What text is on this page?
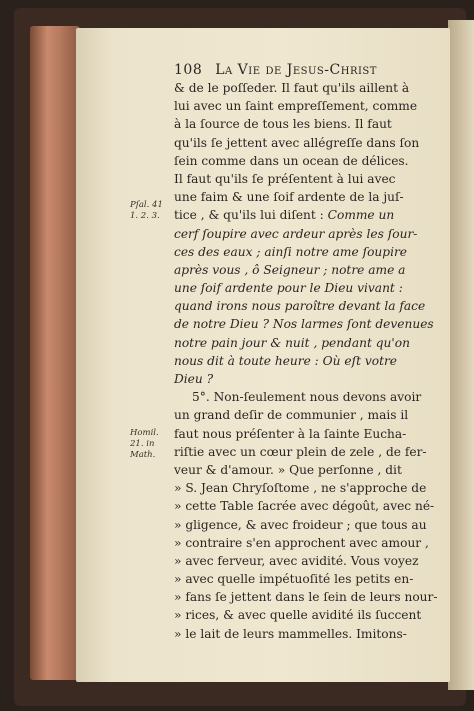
108 La Vie de Jesus-Christ
Pſal. 41
1. 2. 3.
Homil.
21. in
Math.
& de le poſſeder. Il faut qu'ils aillent à
lui avec un ſaint empreſſement, comme
à la ſource de tous les biens. Il faut
qu'ils ſe jettent avec allégreſſe dans ſon
ſein comme dans un ocean de délices.
Il faut qu'ils ſe préſentent à lui avec
une faim & une ſoif ardente de la juſ-
tice , & qu'ils lui diſent : Comme un
cerf ſoupire avec ardeur après les ſour-
ces des eaux ; ainſi notre ame ſoupire
après vous , ô Seigneur ; notre ame a
une ſoif ardente pour le Dieu vivant :
quand irons nous paroître devant la face
de notre Dieu ? Nos larmes ſont devenues
notre pain jour & nuit , pendant qu'on
nous dit à toute heure : Où eſt votre
Dieu ?
5°. Non-ſeulement nous devons avoir
un grand deſir de communier , mais il
faut nous préſenter à la ſainte Eucha-
riſtie avec un cœur plein de zele , de fer-
veur & d'amour. » Que perſonne , dit
» S. Jean Chryſoſtome , ne s'approche de
» cette Table ſacrée avec dégoût, avec né-
» gligence, & avec froideur ; que tous au
» contraire s'en approchent avec amour ,
» avec ferveur, avec avidité. Vous voyez
» avec quelle impétuoſité les petits en-
» fans ſe jettent dans le ſein de leurs nour-
» rices, & avec quelle avidité ils ſuccent
» le lait de leurs mammelles. Imitons-
